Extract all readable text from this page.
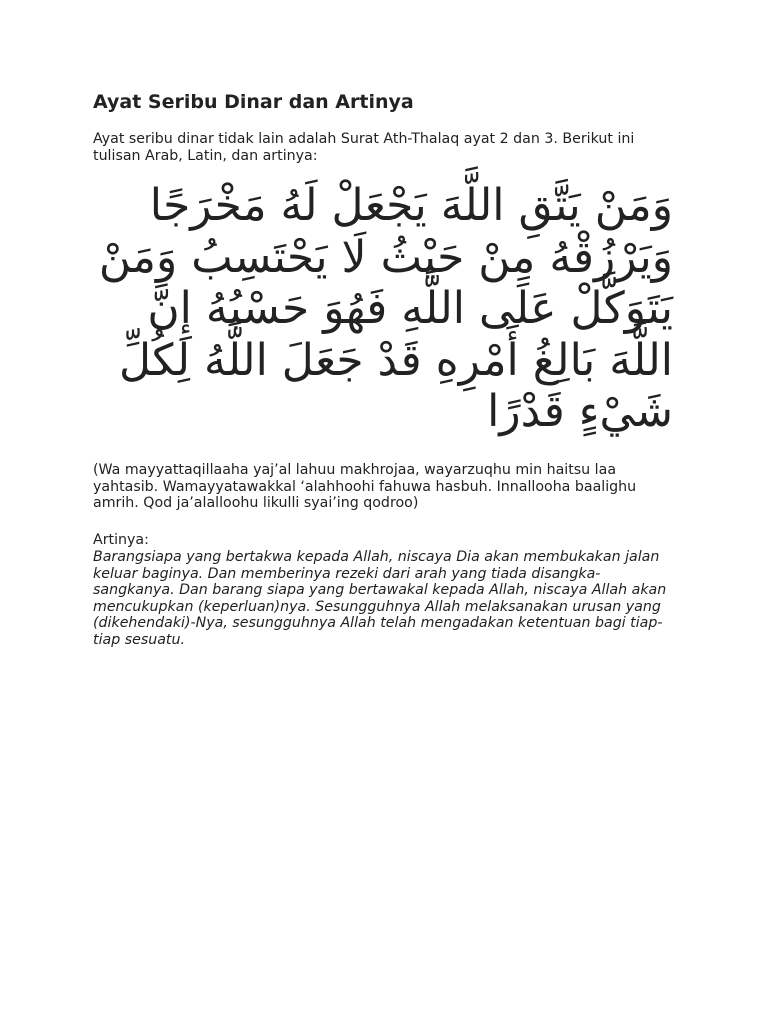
Ayat Seribu Dinar dan Artinya

Ayat seribu dinar tidak lain adalah Surat Ath-Thalaq ayat 2 dan 3. Berikut ini tulisan Arab, Latin, dan artinya:

وَمَنْ يَتَّقِ اللَّهَ يَجْعَلْ لَهُ مَخْرَجًا وَيَرْزُقْهُ مِنْ حَيْثُ لَا يَحْتَسِبُ وَمَنْ يَتَوَكَّلْ عَلَى اللَّهِ فَهُوَ حَسْبُهُ إِنَّ اللَّهَ بَالِغُ أَمْرِهِ قَدْ جَعَلَ اللَّهُ لِكُلِّ شَيْءٍ قَدْرًا

(Wa mayyattaqillaaha yaj’al lahuu makhrojaa, wayarzuqhu min haitsu laa yahtasib. Wamayyatawakkal ‘alahhoohi fahuwa hasbuh. Innallooha baalighu amrih. Qod ja’alalloohu likulli syai’ing qodroo)

Artinya:

Barangsiapa yang bertakwa kepada Allah, niscaya Dia akan membukakan jalan keluar baginya. Dan memberinya rezeki dari arah yang tiada disangka-sangkanya. Dan barang siapa yang bertawakal kepada Allah, niscaya Allah akan mencukupkan (keperluan)nya. Sesungguhnya Allah melaksanakan urusan yang (dikehendaki)-Nya, sesungguhnya Allah telah mengadakan ketentuan bagi tiap-tiap sesuatu.
